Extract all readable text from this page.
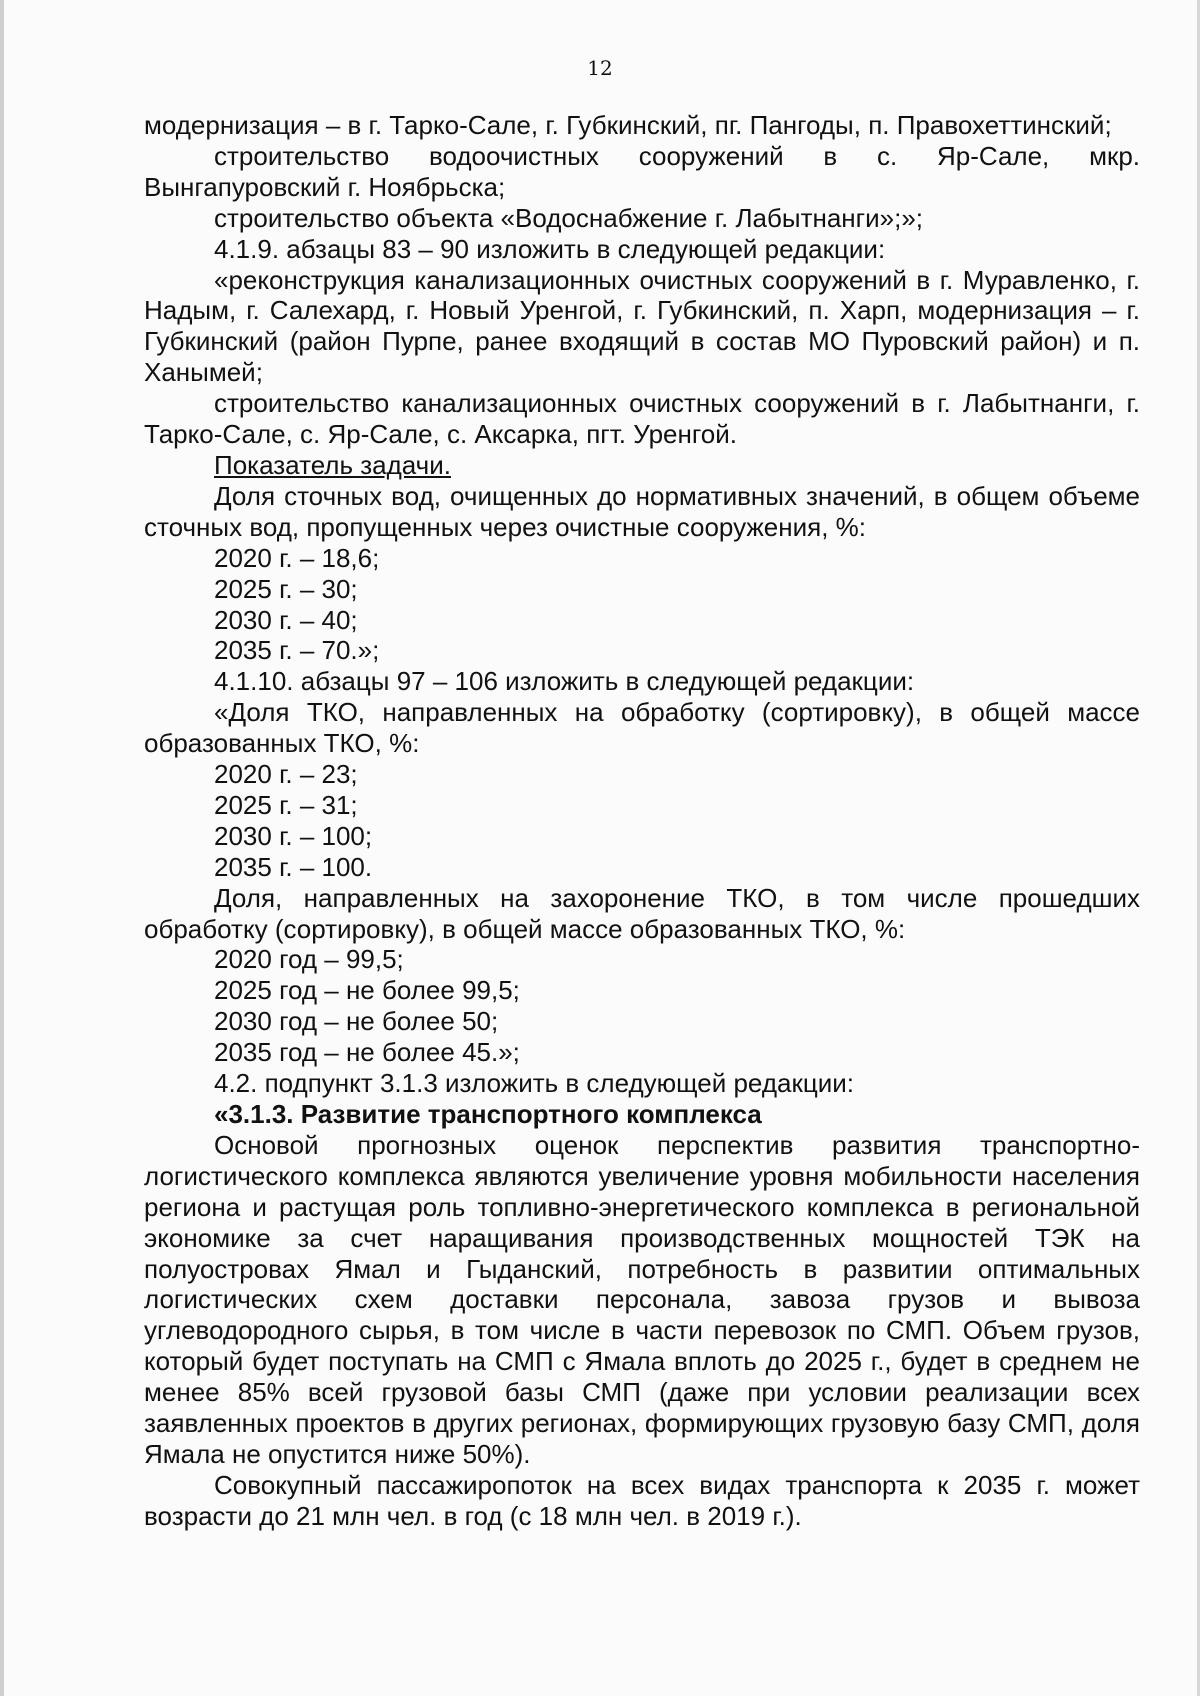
12

модернизация – в г. Тарко-Сале, г. Губкинский, пг. Пангоды, п. Правохеттинский;

строительство водоочистных сооружений в с. Яр-Сале, мкр. Вынгапуровский г. Ноябрьска;

строительство объекта «Водоснабжение г. Лабытнанги»;»;

4.1.9. абзацы 83 – 90 изложить в следующей редакции:

«реконструкция канализационных очистных сооружений в г. Муравленко, г. Надым, г. Салехард, г. Новый Уренгой, г. Губкинский, п. Харп, модернизация – г. Губкинский (район Пурпе, ранее входящий в состав МО Пуровский район) и п. Ханымей;

строительство канализационных очистных сооружений в г. Лабытнанги, г. Тарко-Сале, с. Яр-Сале, с. Аксарка, пгт. Уренгой.

Показатель задачи.

Доля сточных вод, очищенных до нормативных значений, в общем объеме сточных вод, пропущенных через очистные сооружения, %:

2020 г. – 18,6;

2025 г. – 30;

2030 г. – 40;

2035 г. – 70.»;

4.1.10. абзацы 97 – 106 изложить в следующей редакции:

«Доля ТКО, направленных на обработку (сортировку), в общей массе образованных ТКО, %:

2020 г. – 23;

2025 г. – 31;

2030 г. – 100;

2035 г. – 100.

Доля, направленных на захоронение ТКО, в том числе прошедших обработку (сортировку), в общей массе образованных ТКО, %:

2020 год – 99,5;

2025 год – не более 99,5;

2030 год – не более 50;

2035 год – не более 45.»;

4.2. подпункт 3.1.3 изложить в следующей редакции:

«3.1.3. Развитие транспортного комплекса

Основой прогнозных оценок перспектив развития транспортно-логистического комплекса являются увеличение уровня мобильности населения региона и растущая роль топливно-энергетического комплекса в региональной экономике за счет наращивания производственных мощностей ТЭК на полуостровах Ямал и Гыданский, потребность в развитии оптимальных логистических схем доставки персонала, завоза грузов и вывоза углеводородного сырья, в том числе в части перевозок по СМП. Объем грузов, который будет поступать на СМП с Ямала вплоть до 2025 г., будет в среднем не менее 85% всей грузовой базы СМП (даже при условии реализации всех заявленных проектов в других регионах, формирующих грузовую базу СМП, доля Ямала не опустится ниже 50%).

Совокупный пассажиропоток на всех видах транспорта к 2035 г. может возрасти до 21 млн чел. в год (с 18 млн чел. в 2019 г.).
